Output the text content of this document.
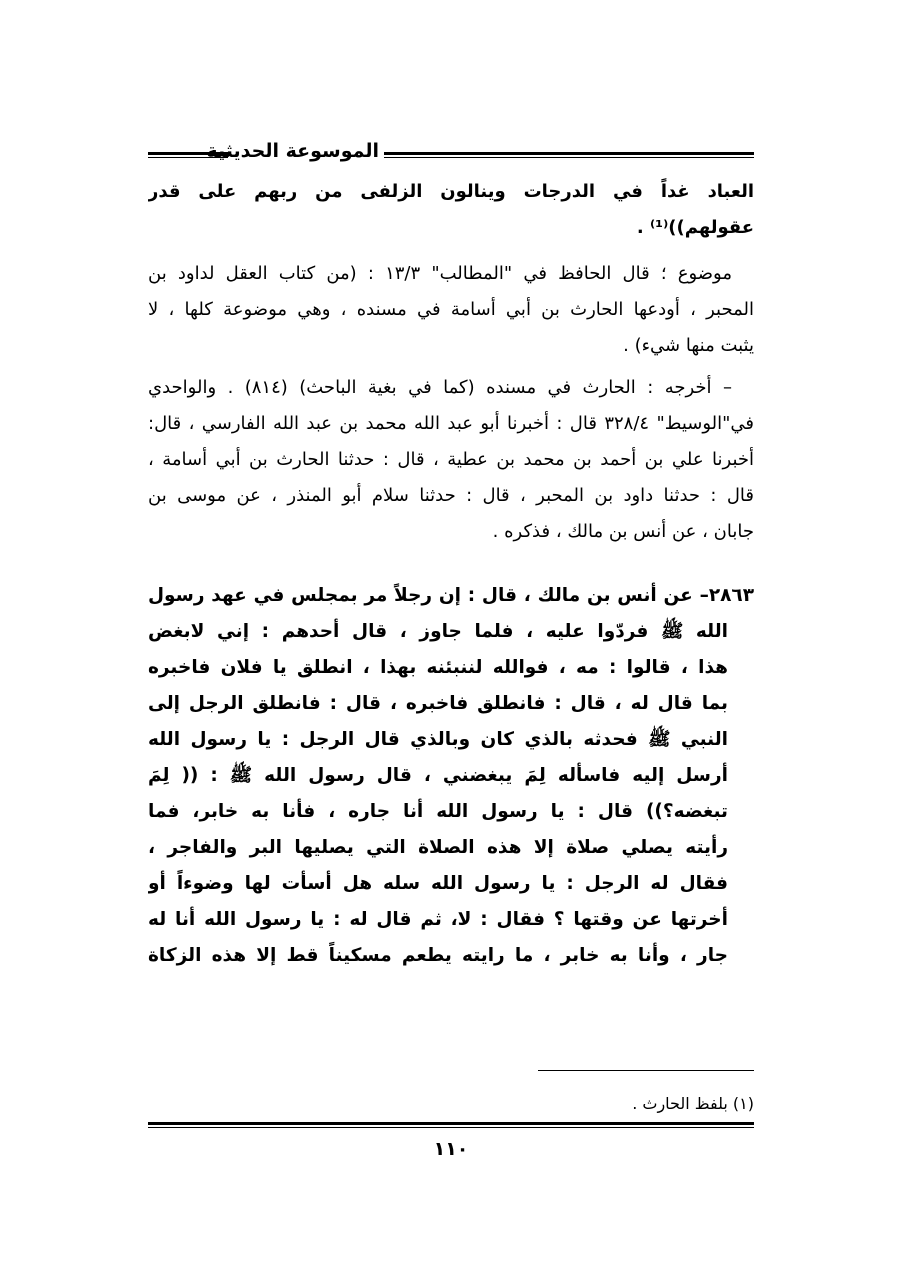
الموسوعة الحديثية
العباد غداً في الدرجات وينالون الزلفى من ربهم على قدر
عقولهم))⁽¹⁾ .
موضوع ؛ قال الحافظ في "المطالب" ١٣/٣ : (من كتاب العقل لداود بن
المحبر ، أودعها الحارث بن أبي أسامة في مسنده ، وهي موضوعة كلها ، لا
يثبت منها شيء) .
– أخرجه : الحارث في مسنده (كما في بغية الباحث) (٨١٤) . والواحدي
في"الوسيط" ٣٢٨/٤ قال : أخبرنا أبو عبد الله محمد بن عبد الله الفارسي ، قال:
أخبرنا علي بن أحمد بن محمد بن عطية ، قال : حدثنا الحارث بن أبي أسامة ،
قال : حدثنا داود بن المحبر ، قال : حدثنا سلام أبو المنذر ، عن موسى بن
جابان ، عن أنس بن مالك ، فذكره .
٢٨٦٣– عن أنس بن مالك ، قال : إن رجلاً مر بمجلس في عهد رسول
الله ﷺ فردّوا عليه ، فلما جاوز ، قال أحدهم : إني لابغض
هذا ، قالوا : مه ، فوالله لننبئنه بهذا ، انطلق يا فلان فاخبره
بما قال له ، قال : فانطلق فاخبره ، قال : فانطلق الرجل إلى
النبي ﷺ فحدثه بالذي كان وبالذي قال الرجل : يا رسول الله
أرسل إليه فاسأله لِمَ يبغضني ، قال رسول الله ﷺ : (( لِمَ
تبغضه؟)) قال : يا رسول الله أنا جاره ، فأنا به خابر، فما
رأيته يصلي صلاة إلا هذه الصلاة التي يصليها البر والفاجر ،
فقال له الرجل : يا رسول الله سله هل أسأت لها وضوءاً أو
أخرتها عن وقتها ؟ فقال : لا، ثم قال له : يا رسول الله أنا له
جار ، وأنا به خابر ، ما رايته يطعم مسكيناً قط إلا هذه الزكاة
(١) بلفظ الحارث .
١١٠
